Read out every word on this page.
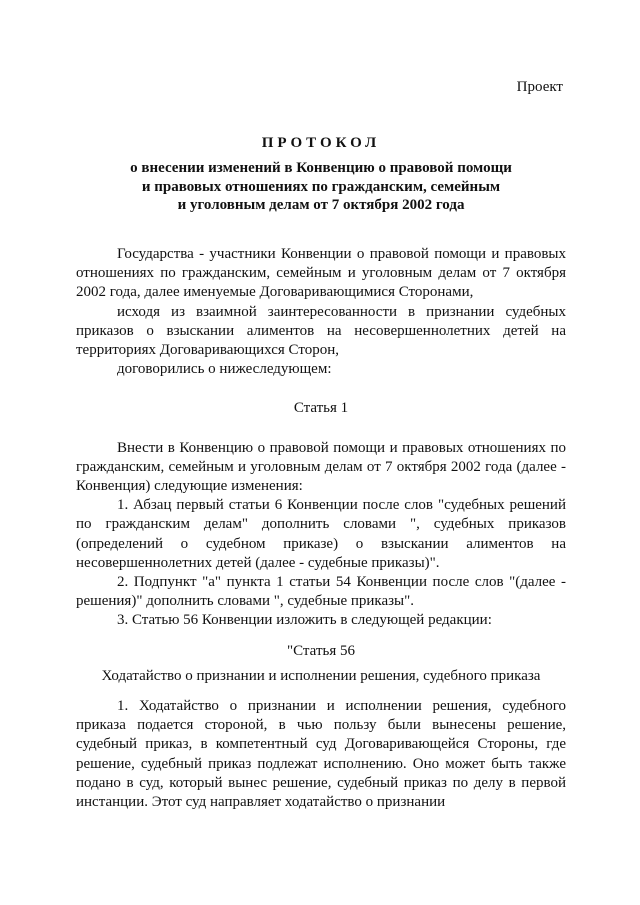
Проект
ПРОТОКОЛ
о внесении изменений в Конвенцию о правовой помощи
и правовых отношениях по гражданским, семейным
и уголовным делам от 7 октября 2002 года

Государства - участники Конвенции о правовой помощи и правовых отношениях по гражданским, семейным и уголовным делам от 7 октября 2002 года, далее именуемые Договаривающимися Сторонами,

исходя из взаимной заинтересованности в признании судебных приказов о взыскании алиментов на несовершеннолетних детей на территориях Договаривающихся Сторон,

договорились о нижеследующем:

Статья 1

Внести в Конвенцию о правовой помощи и правовых отношениях по гражданским, семейным и уголовным делам от 7 октября 2002 года (далее - Конвенция) следующие изменения:

1. Абзац первый статьи 6 Конвенции после слов "судебных решений по гражданским делам" дополнить словами ", судебных приказов (определений о судебном приказе) о взыскании алиментов на несовершеннолетних детей (далее - судебные приказы)".

2. Подпункт "а" пункта 1 статьи 54 Конвенции после слов "(далее - решения)" дополнить словами ", судебные приказы".

3. Статью 56 Конвенции изложить в следующей редакции:

"Статья 56

Ходатайство о признании и исполнении решения, судебного приказа

1. Ходатайство о признании и исполнении решения, судебного приказа подается стороной, в чью пользу были вынесены решение, судебный приказ, в компетентный суд Договаривающейся Стороны, где решение, судебный приказ подлежат исполнению. Оно может быть также подано в суд, который вынес решение, судебный приказ по делу в первой инстанции. Этот суд направляет ходатайство о признании
